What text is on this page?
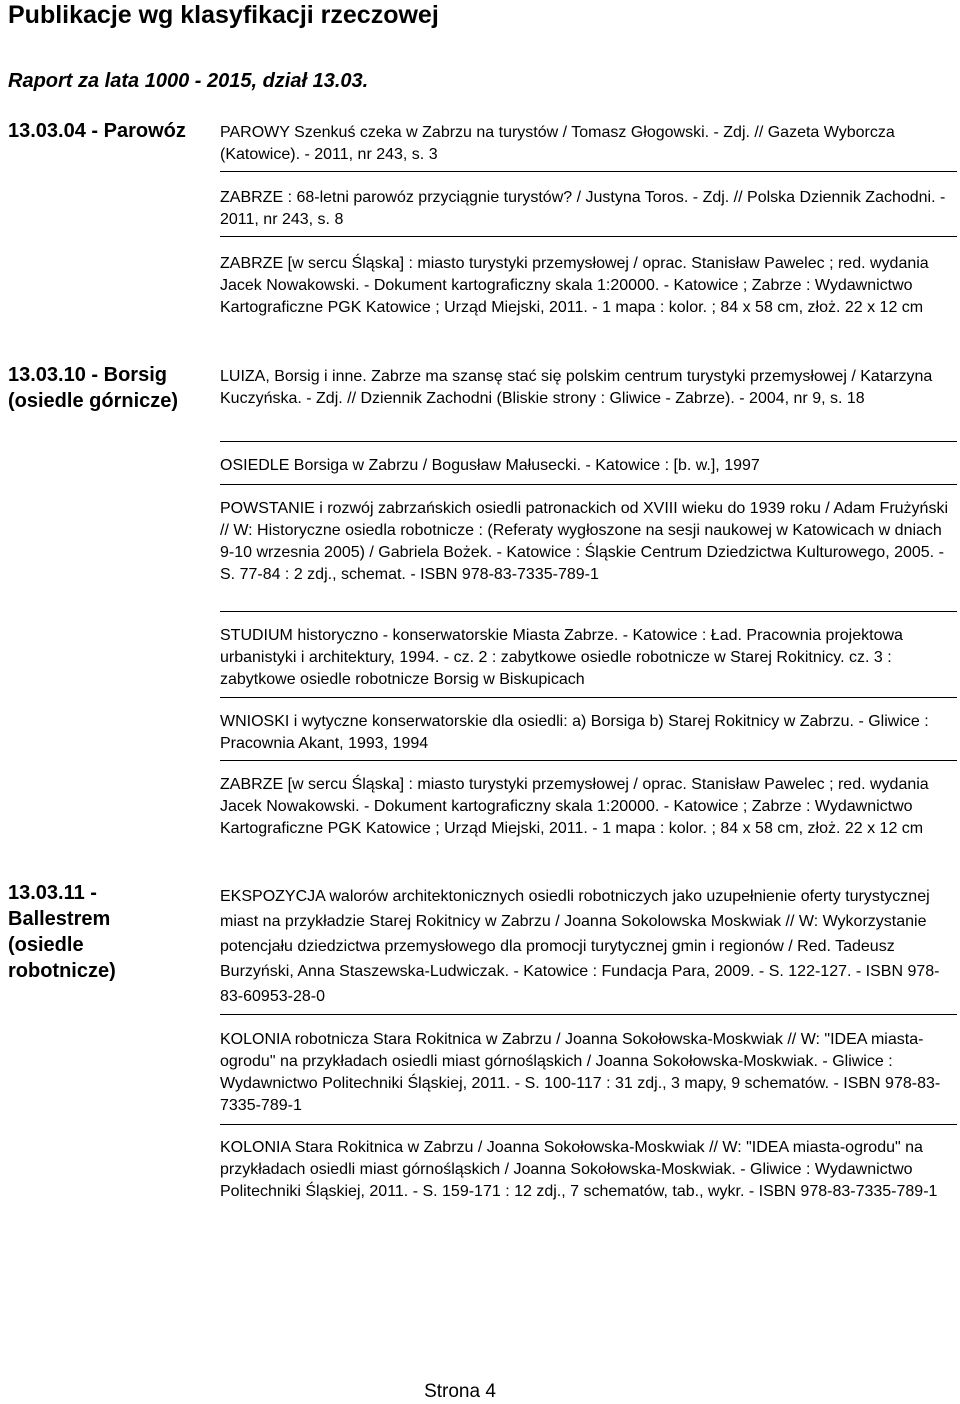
Publikacje wg klasyfikacji rzeczowej
Raport za lata 1000 - 2015, dział 13.03.
13.03.04 - Parowóz	PAROWY Szenkuś czeka w Zabrzu na turystów / Tomasz Głogowski. - Zdj. // Gazeta Wyborcza (Katowice). - 2011, nr 243, s. 3

ZABRZE : 68-letni parowóz przyciągnie turystów? / Justyna Toros. - Zdj. // Polska Dziennik Zachodni. - 2011, nr 243, s. 8

ZABRZE [w sercu Śląska] : miasto turystyki przemysłowej / oprac. Stanisław Pawelec ; red. wydania Jacek Nowakowski. - Dokument kartograficzny skala 1:20000. - Katowice ; Zabrze : Wydawnictwo Kartograficzne PGK Katowice ; Urząd Miejski, 2011. - 1 mapa : kolor. ; 84 x 58 cm, złoż. 22 x 12 cm

13.03.10 - Borsig (osiedle górnicze)

LUIZA, Borsig i inne. Zabrze ma szansę stać się polskim centrum turystyki przemysłowej / Katarzyna Kuczyńska. - Zdj. // Dziennik Zachodni (Bliskie strony : Gliwice - Zabrze). - 2004, nr 9, s. 18

OSIEDLE Borsiga w Zabrzu / Bogusław Małusecki. - Katowice : [b. w.], 1997

POWSTANIE i rozwój zabrzańskich osiedli patronackich od XVIII wieku do 1939 roku / Adam Frużyński // W: Historyczne osiedla robotnicze : (Referaty wygłoszone na sesji naukowej w Katowicach w dniach 9-10 wrzesnia 2005) / Gabriela Bożek. - Katowice : Śląskie Centrum Dziedzictwa Kulturowego, 2005. - S. 77-84 : 2 zdj., schemat. - ISBN 978-83-7335-789-1

STUDIUM historyczno - konserwatorskie Miasta Zabrze. - Katowice : Ład. Pracownia projektowa urbanistyki i architektury, 1994. - cz. 2 : zabytkowe osiedle robotnicze w Starej Rokitnicy. cz. 3 : zabytkowe osiedle robotnicze Borsig w Biskupicach

WNIOSKI i wytyczne konserwatorskie dla osiedli: a) Borsiga b) Starej Rokitnicy w Zabrzu. - Gliwice : Pracownia Akant, 1993, 1994

ZABRZE [w sercu Śląska] : miasto turystyki przemysłowej / oprac. Stanisław Pawelec ; red. wydania Jacek Nowakowski. - Dokument kartograficzny skala 1:20000. - Katowice ; Zabrze : Wydawnictwo Kartograficzne PGK Katowice ; Urząd Miejski, 2011. - 1 mapa : kolor. ; 84 x 58 cm, złoż. 22 x 12 cm

13.03.11 - Ballestrem (osiedle robotnicze)

EKSPOZYCJA walorów architektonicznych osiedli robotniczych jako uzupełnienie oferty turystycznej miast na przykładzie Starej Rokitnicy w Zabrzu / Joanna Sokolowska Moskwiak // W: Wykorzystanie potencjału dziedzictwa przemysłowego dla promocji turytycznej gmin i regionów / Red. Tadeusz Burzyński, Anna Staszewska-Ludwiczak. - Katowice : Fundacja Para, 2009. - S. 122-127. - ISBN 978-83-60953-28-0

KOLONIA robotnicza Stara Rokitnica w Zabrzu / Joanna Sokołowska-Moskwiak // W: "IDEA miasta-ogrodu" na przykładach osiedli miast górnośląskich / Joanna Sokołowska-Moskwiak. - Gliwice : Wydawnictwo Politechniki Śląskiej, 2011. - S. 100-117 : 31 zdj., 3 mapy, 9 schematów. - ISBN 978-83-7335-789-1

KOLONIA Stara Rokitnica w Zabrzu / Joanna Sokołowska-Moskwiak // W: "IDEA miasta-ogrodu" na przykładach osiedli miast górnośląskich / Joanna Sokołowska-Moskwiak. - Gliwice : Wydawnictwo Politechniki Śląskiej, 2011. - S. 159-171 : 12 zdj., 7 schematów, tab., wykr. - ISBN 978-83-7335-789-1

Strona 4
